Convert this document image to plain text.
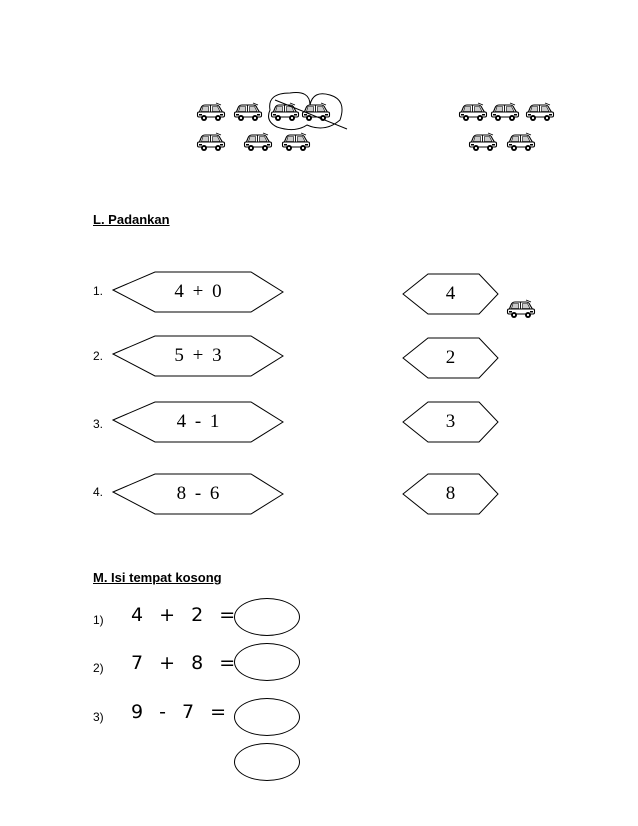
L. Padankan
1.	4 + 0	4
2.	5 + 3	2
3.	4 - 1	3
4.	8 - 6	8
M. Isi tempat kosong
1) 4 + 2 =
2) 7 + 8 =
3) 9 - 7 =
